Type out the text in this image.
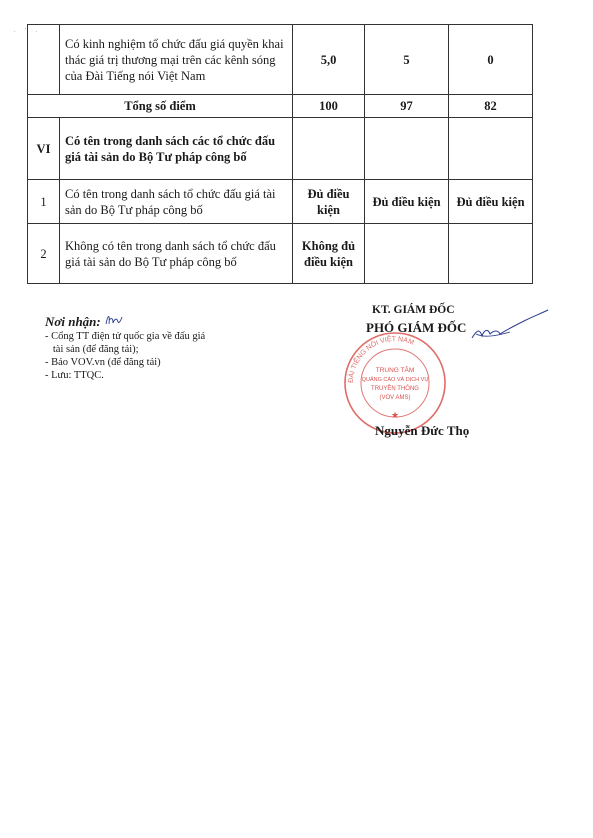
. ' .
	Có kinh nghiệm tổ chức đấu giá quyền khai thác giá trị thương mại trên các kênh sóng của Đài Tiếng nói Việt Nam	5,0	5	0
Tổng số điểm		100	97	82
VI	Có tên trong danh sách các tổ chức đấu giá tài sản do Bộ Tư pháp công bố			
1	Có tên trong danh sách tổ chức đấu giá tài sản do Bộ Tư pháp công bố	Đủ điều kiện	Đủ điều kiện	Đủ điều kiện
2	Không có tên trong danh sách tổ chức đấu giá tài sản do Bộ Tư pháp công bố	Không đủ điều kiện		
Nơi nhận:
- Cổng TT điện tử quốc gia về đấu giá
tài sản (để đăng tải);
- Báo VOV.vn (để đăng tải)
- Lưu: TTQC.	ĐÀI TIẾNG NÓI VIỆT NAM
TRUNG TÂM
QUẢNG CÁO VÀ DỊCH VỤ
TRUYỀN THÔNG
(VOV AMS)
★
KT. GIÁM ĐỐC
PHÓ GIÁM ĐỐC
Nguyễn Đức Thọ
